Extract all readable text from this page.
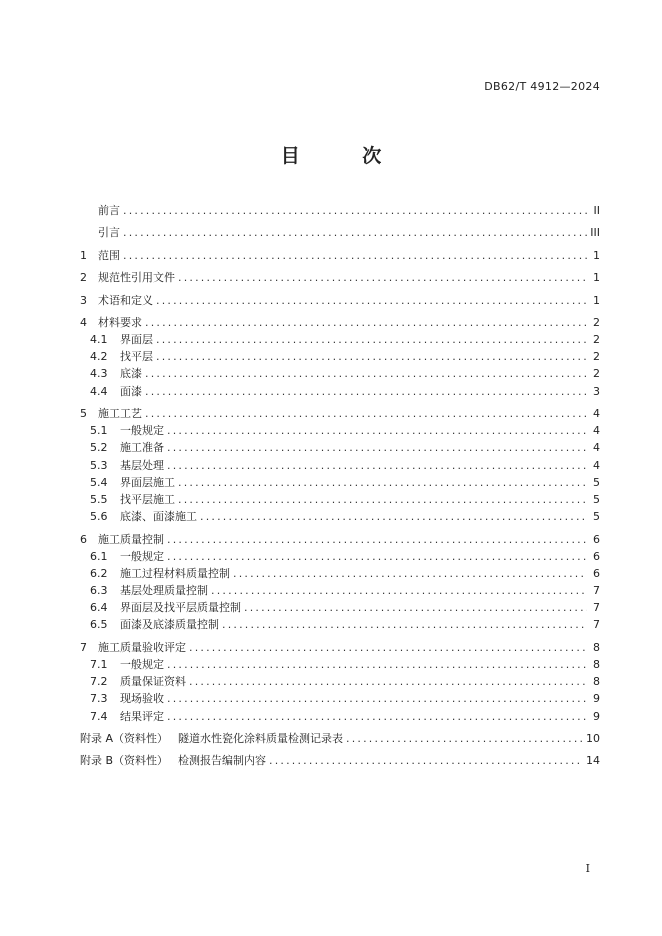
DB62/T 4912—2024
目 次
前言 .....	II
引言 .....	III
1	范围 .....	1
2	规范性引用文件 .....	1
3	术语和定义 .....	1
4	材料要求 .....	2
4.1	界面层 .....	2
4.2	找平层 .....	2
4.3	底漆 .....	2
4.4	面漆 .....	3
5	施工工艺 .....	4
5.1	一般规定 .....	4
5.2	施工准备 .....	4
5.3	基层处理 .....	4
5.4	界面层施工 .....	5
5.5	找平层施工 .....	5
5.6	底漆、面漆施工 .....	5
6	施工质量控制 .....	6
6.1	一般规定 .....	6
6.2	施工过程材料质量控制 .....	6
6.3	基层处理质量控制 .....	7
6.4	界面层及找平层质量控制 .....	7
6.5	面漆及底漆质量控制 .....	7
7	施工质量验收评定 .....	8
7.1	一般规定 .....	8
7.2	质量保证资料 .....	8
7.3	现场验收 .....	9
7.4	结果评定 .....	9
附录 A（资料性） 隧道水性瓷化涂料质量检测记录表 .....	10
附录 B（资料性） 检测报告编制内容 .....	14
I
